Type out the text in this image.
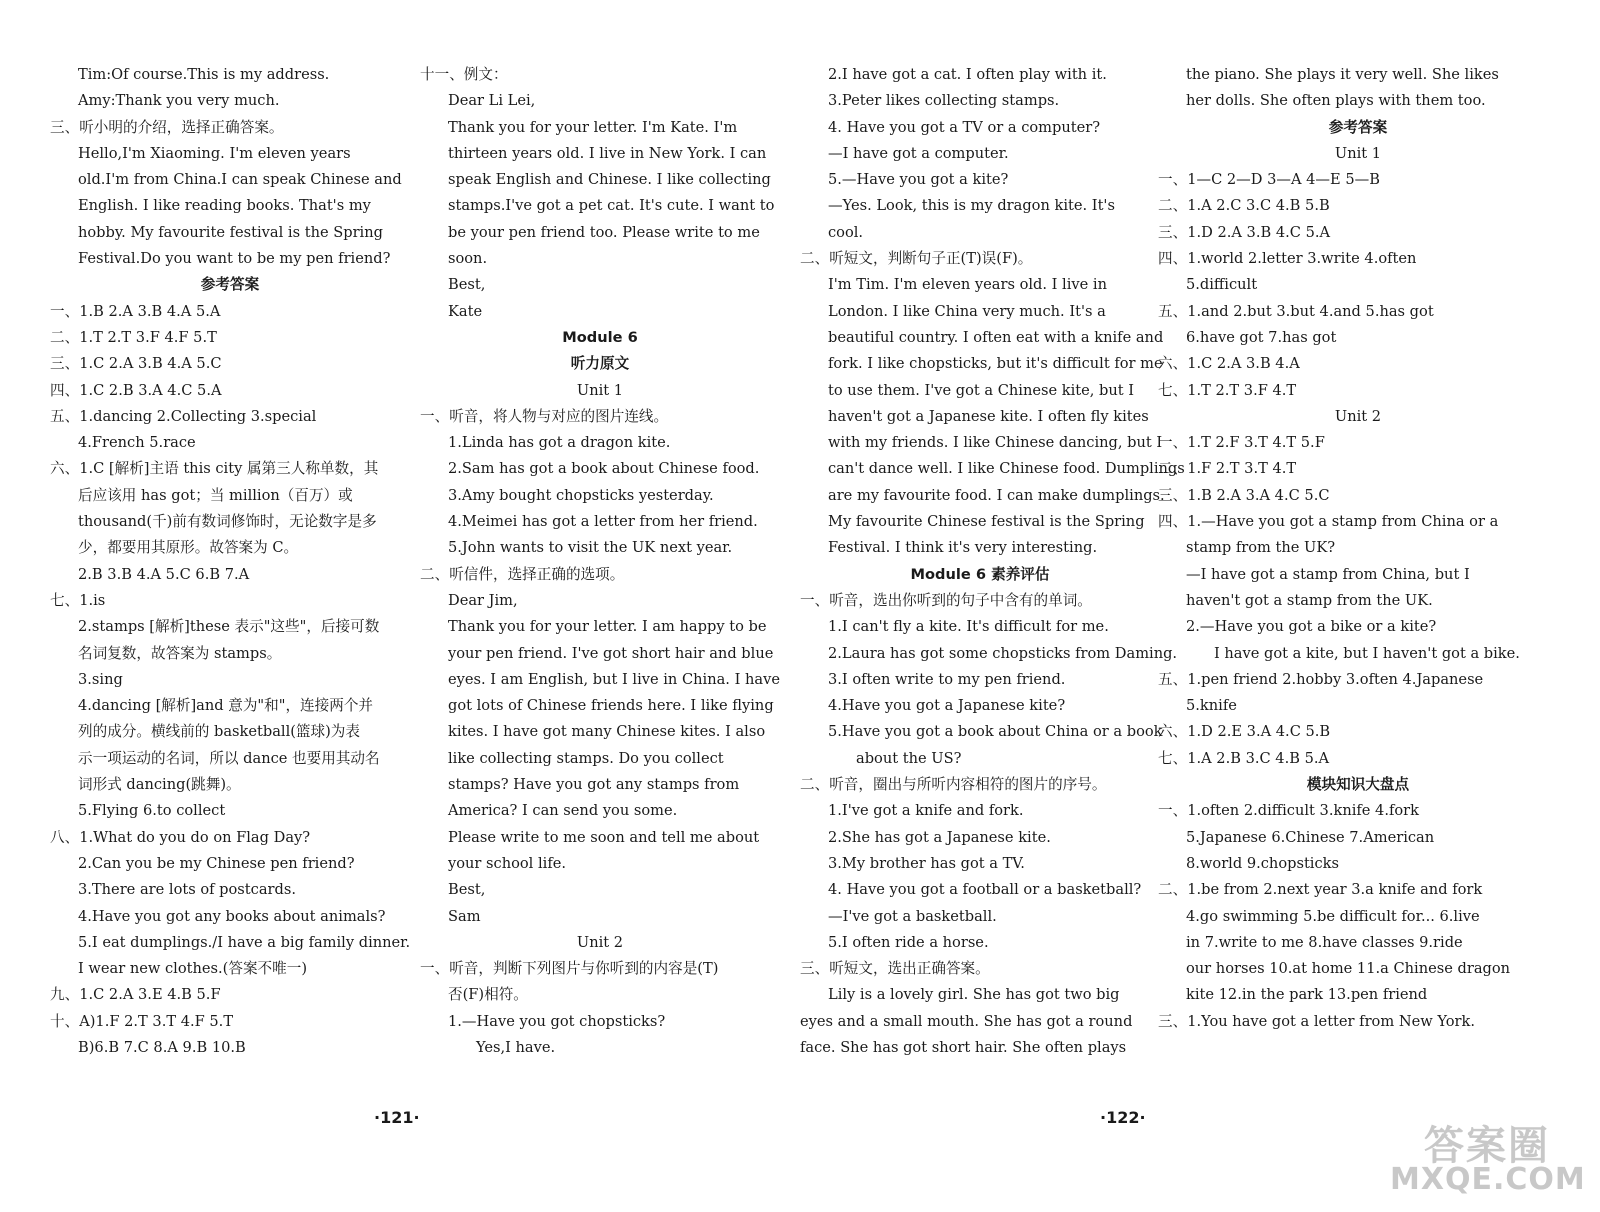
Tim:Of course.This is my address.

Amy:Thank you very much.

三、听小明的介绍，选择正确答案。

Hello,I'm Xiaoming. I'm eleven years

old.I'm from China.I can speak Chinese and

English. I like reading books. That's my

hobby. My favourite festival is the Spring

Festival.Do you want to be my pen friend?

参考答案

一、1.B 2.A 3.B 4.A 5.A

二、1.T 2.T 3.F 4.F 5.T

三、1.C 2.A 3.B 4.A 5.C

四、1.C 2.B 3.A 4.C 5.A

五、1.dancing 2.Collecting 3.special

4.French 5.race

六、1.C [解析]主语 this city 属第三人称单数，其

后应该用 has got；当 million（百万）或

thousand(千)前有数词修饰时，无论数字是多

少，都要用其原形。故答案为 C。

2.B 3.B 4.A 5.C 6.B 7.A

七、1.is

2.stamps [解析]these 表示"这些"，后接可数

名词复数，故答案为 stamps。

3.sing

4.dancing [解析]and 意为"和"，连接两个并

列的成分。横线前的 basketball(篮球)为表

示一项运动的名词，所以 dance 也要用其动名

词形式 dancing(跳舞)。

5.Flying 6.to collect

八、1.What do you do on Flag Day?

2.Can you be my Chinese pen friend?

3.There are lots of postcards.

4.Have you got any books about animals?

5.I eat dumplings./I have a big family dinner.

I wear new clothes.(答案不唯一)

九、1.C 2.A 3.E 4.B 5.F

十、A)1.F 2.T 3.T 4.F 5.T

B)6.B 7.C 8.A 9.B 10.B

十一、例文：

Dear Li Lei,

Thank you for your letter. I'm Kate. I'm

thirteen years old. I live in New York. I can

speak English and Chinese. I like collecting

stamps.I've got a pet cat. It's cute. I want to

be your pen friend too. Please write to me

soon.

Best,

Kate

Module 6

听力原文

Unit 1

一、听音，将人物与对应的图片连线。

1.Linda has got a dragon kite.

2.Sam has got a book about Chinese food.

3.Amy bought chopsticks yesterday.

4.Meimei has got a letter from her friend.

5.John wants to visit the UK next year.

二、听信件，选择正确的选项。

Dear Jim,

Thank you for your letter. I am happy to be

your pen friend. I've got short hair and blue

eyes. I am English, but I live in China. I have

got lots of Chinese friends here. I like flying

kites. I have got many Chinese kites. I also

like collecting stamps. Do you collect

stamps? Have you got any stamps from

America? I can send you some.

Please write to me soon and tell me about

your school life.

Best,

Sam

Unit 2

一、听音，判断下列图片与你听到的内容是(T)

否(F)相符。

1.—Have you got chopsticks?

Yes,I have.

2.I have got a cat. I often play with it.

3.Peter likes collecting stamps.

4. Have you got a TV or a computer?

—I have got a computer.

5.—Have you got a kite?

—Yes. Look, this is my dragon kite. It's

cool.

二、听短文，判断句子正(T)误(F)。

I'm Tim. I'm eleven years old. I live in

London. I like China very much. It's a

beautiful country. I often eat with a knife and

fork. I like chopsticks, but it's difficult for me

to use them. I've got a Chinese kite, but I

haven't got a Japanese kite. I often fly kites

with my friends. I like Chinese dancing, but I

can't dance well. I like Chinese food. Dumplings

are my favourite food. I can make dumplings.

My favourite Chinese festival is the Spring

Festival. I think it's very interesting.

Module 6 素养评估

一、听音，选出你听到的句子中含有的单词。

1.I can't fly a kite. It's difficult for me.

2.Laura has got some chopsticks from Daming.

3.I often write to my pen friend.

4.Have you got a Japanese kite?

5.Have you got a book about China or a book

about the US?

二、听音，圈出与所听内容相符的图片的序号。

1.I've got a knife and fork.

2.She has got a Japanese kite.

3.My brother has got a TV.

4. Have you got a football or a basketball?

—I've got a basketball.

5.I often ride a horse.

三、听短文，选出正确答案。

Lily is a lovely girl. She has got two big

eyes and a small mouth. She has got a round

face. She has got short hair. She often plays

the piano. She plays it very well. She likes

her dolls. She often plays with them too.

参考答案

Unit 1

一、1—C 2—D 3—A 4—E 5—B

二、1.A 2.C 3.C 4.B 5.B

三、1.D 2.A 3.B 4.C 5.A

四、1.world 2.letter 3.write 4.often

5.difficult

五、1.and 2.but 3.but 4.and 5.has got

6.have got 7.has got

六、1.C 2.A 3.B 4.A

七、1.T 2.T 3.F 4.T

Unit 2

一、1.T 2.F 3.T 4.T 5.F

二、1.F 2.T 3.T 4.T

三、1.B 2.A 3.A 4.C 5.C

四、1.—Have you got a stamp from China or a

stamp from the UK?

—I have got a stamp from China, but I

haven't got a stamp from the UK.

2.—Have you got a bike or a kite?

I have got a kite, but I haven't got a bike.

五、1.pen friend 2.hobby 3.often 4.Japanese

5.knife

六、1.D 2.E 3.A 4.C 5.B

七、1.A 2.B 3.C 4.B 5.A

模块知识大盘点

一、1.often 2.difficult 3.knife 4.fork

5.Japanese 6.Chinese 7.American

8.world 9.chopsticks

二、1.be from 2.next year 3.a knife and fork

4.go swimming 5.be difficult for... 6.live

in 7.write to me 8.have classes 9.ride

our horses 10.at home 11.a Chinese dragon

kite 12.in the park 13.pen friend

三、1.You have got a letter from New York.

·121·	·122·
答案圈
MXQE.COM
